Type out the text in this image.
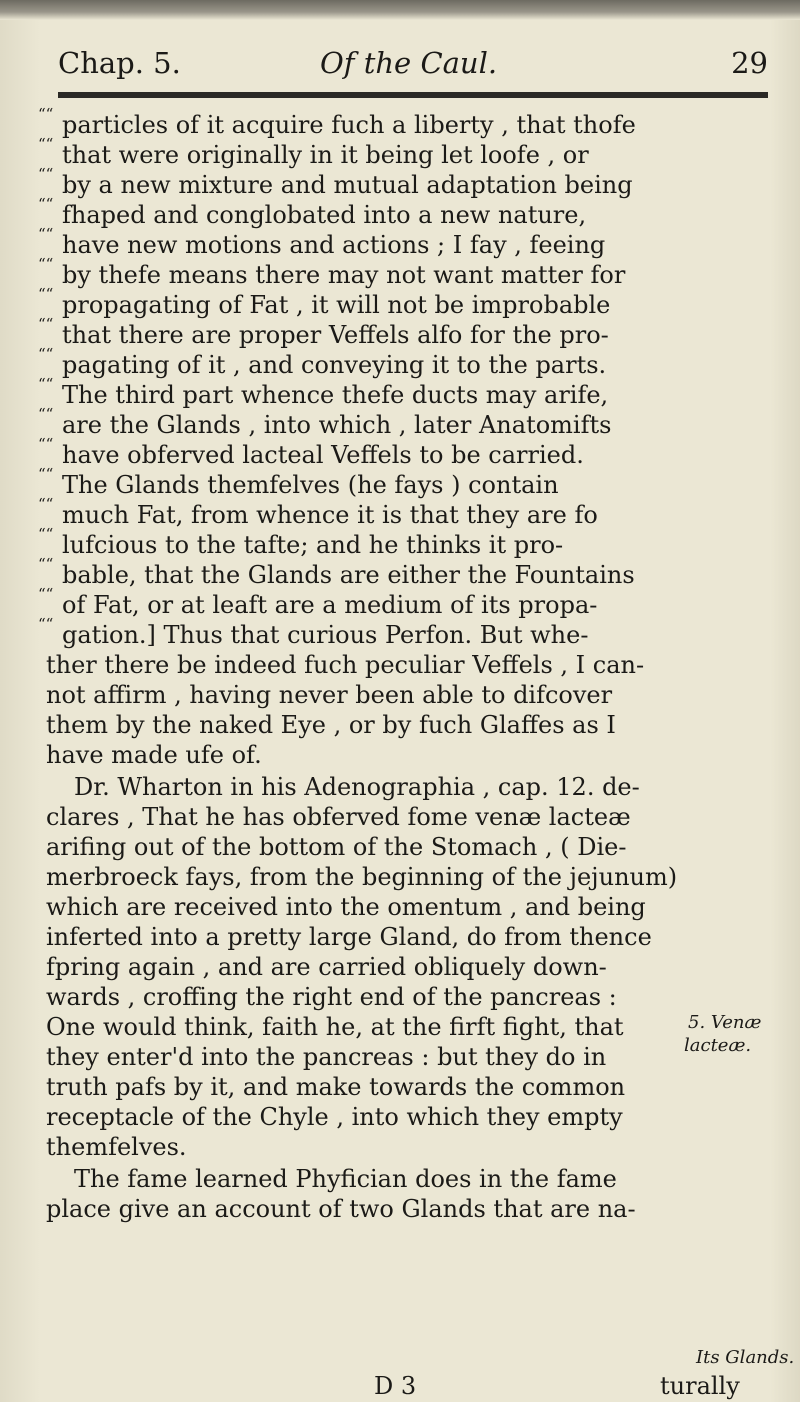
Chap. 5.	Of the Caul.	29
““ particles of it acquire fuch a liberty , that thofe
““ that were originally in it being let loofe , or
““ by a new mixture and mutual adaptation being
““ fhaped and conglobated into a new nature,
““ have new motions and actions ; I fay , feeing
““ by thefe means there may not want matter for
““ propagating of Fat , it will not be improbable
““ that there are proper Veffels alfo for the pro-
““ pagating of it , and conveying it to the parts.
““ The third part whence thefe ducts may arife,
““ are the Glands , into which , later Anatomifts
““ have obferved lacteal Veffels to be carried.
““ The Glands themfelves (he fays ) contain
““ much Fat, from whence it is that they are fo
““ lufcious to the tafte; and he thinks it pro-
““ bable, that the Glands are either the Fountains
““ of Fat, or at leaft are a medium of its propa-
““ gation.] Thus that curious Perfon. But whe-
ther there be indeed fuch peculiar Veffels , I can-
not affirm , having never been able to difcover
them by the naked Eye , or by fuch Glaffes as I
have made ufe of.
Dr. Wharton in his Adenographia , cap. 12. de-
clares , That he has obferved fome venæ lacteæ
arifing out of the bottom of the Stomach , ( Die-
merbroeck fays, from the beginning of the jejunum)
which are received into the omentum , and being
inferted into a pretty large Gland, do from thence
fpring again , and are carried obliquely down-
wards , croffing the right end of the pancreas :
One would think, faith he, at the firft fight, that
they enter'd into the pancreas : but they do in
truth pafs by it, and make towards the common
receptacle of the Chyle , into which they empty
themfelves.
The fame learned Phyfician does in the fame
place give an account of two Glands that are na-
5. Venæ
lacteæ.
Its Glands.
D 3	turally
